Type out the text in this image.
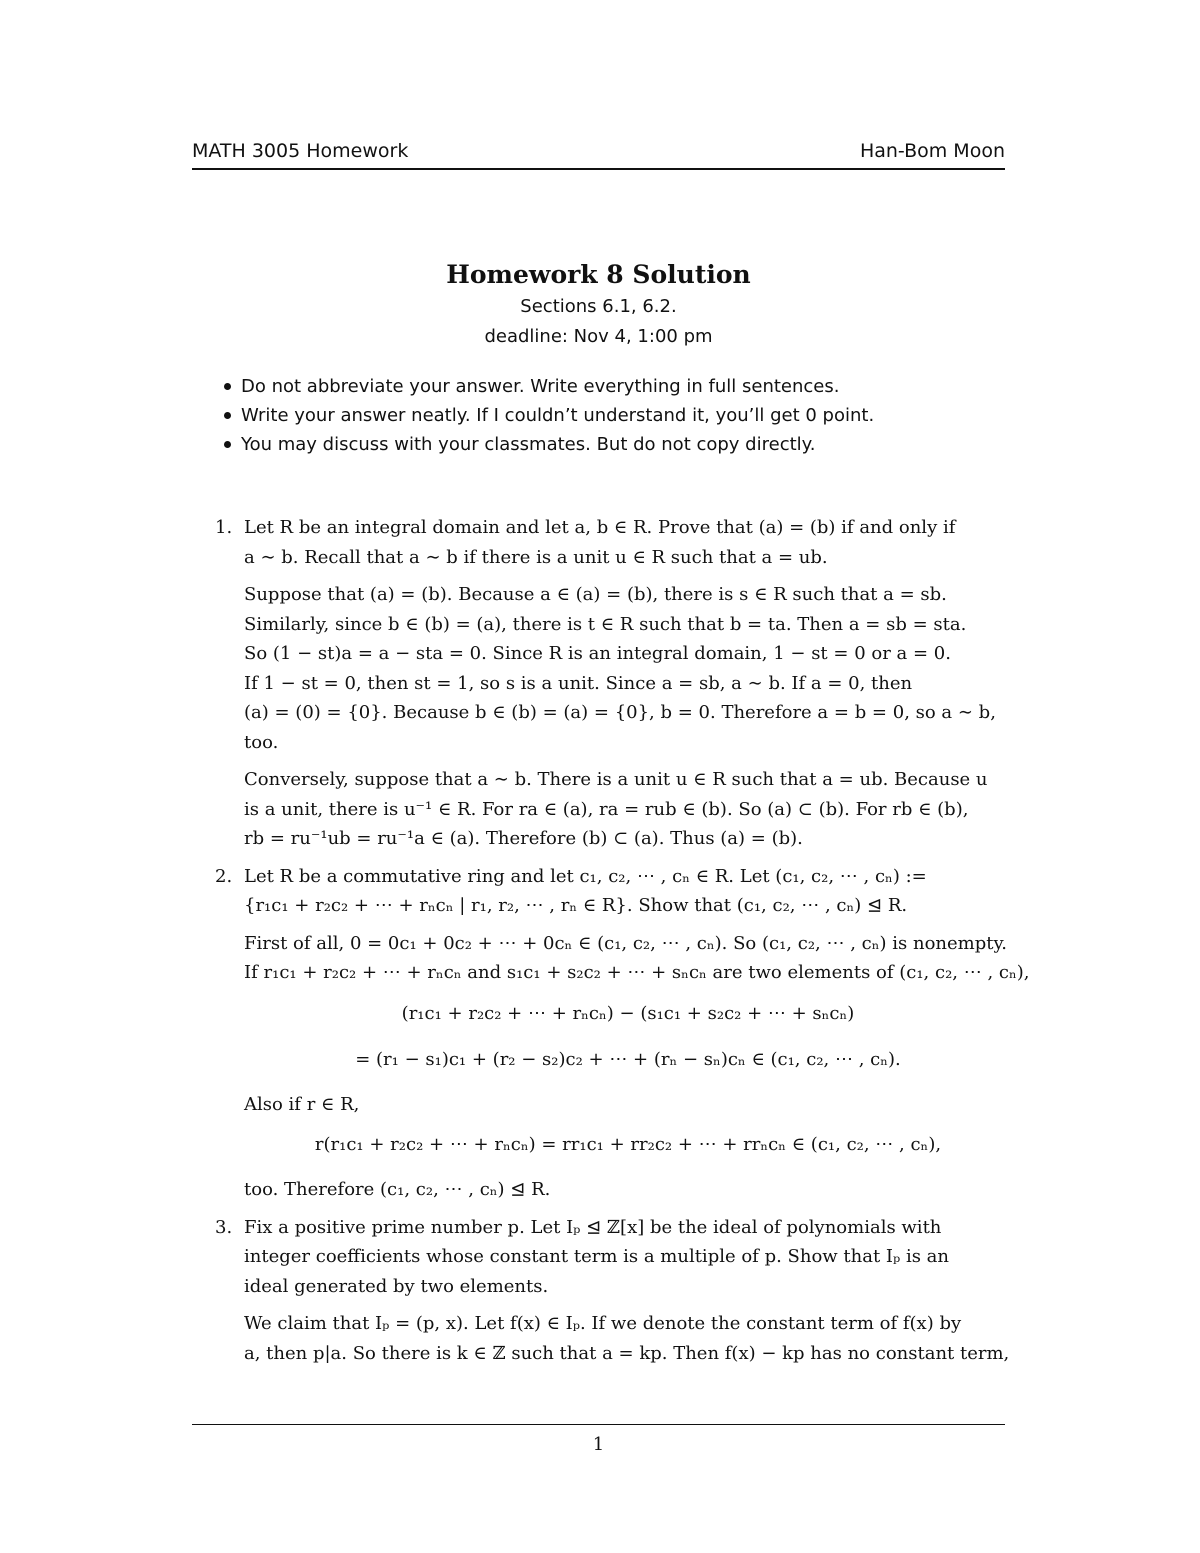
MATH 3005 Homework	Han-Bom Moon
Homework 8 Solution
Sections 6.1, 6.2.
deadline: Nov 4, 1:00 pm
Do not abbreviate your answer. Write everything in full sentences.
Write your answer neatly. If I couldn’t understand it, you’ll get 0 point.
You may discuss with your classmates. But do not copy directly.
1. Let R be an integral domain and let a, b ∈ R. Prove that (a) = (b) if and only if
a ∼ b. Recall that a ∼ b if there is a unit u ∈ R such that a = ub.
Suppose that (a) = (b). Because a ∈ (a) = (b), there is s ∈ R such that a = sb.
Similarly, since b ∈ (b) = (a), there is t ∈ R such that b = ta. Then a = sb = sta.
So (1 − st)a = a − sta = 0. Since R is an integral domain, 1 − st = 0 or a = 0.
If 1 − st = 0, then st = 1, so s is a unit. Since a = sb, a ∼ b. If a = 0, then
(a) = (0) = {0}. Because b ∈ (b) = (a) = {0}, b = 0. Therefore a = b = 0, so a ∼ b,
too.
Conversely, suppose that a ∼ b. There is a unit u ∈ R such that a = ub. Because u
is a unit, there is u⁻¹ ∈ R. For ra ∈ (a), ra = rub ∈ (b). So (a) ⊂ (b). For rb ∈ (b),
rb = ru⁻¹ub = ru⁻¹a ∈ (a). Therefore (b) ⊂ (a). Thus (a) = (b).
2. Let R be a commutative ring and let c₁, c₂, ⋯ , cₙ ∈ R. Let (c₁, c₂, ⋯ , cₙ) :=
{r₁c₁ + r₂c₂ + ⋯ + rₙcₙ | r₁, r₂, ⋯ , rₙ ∈ R}. Show that (c₁, c₂, ⋯ , cₙ) ⊴ R.
First of all, 0 = 0c₁ + 0c₂ + ⋯ + 0cₙ ∈ (c₁, c₂, ⋯ , cₙ). So (c₁, c₂, ⋯ , cₙ) is nonempty.
If r₁c₁ + r₂c₂ + ⋯ + rₙcₙ and s₁c₁ + s₂c₂ + ⋯ + sₙcₙ are two elements of (c₁, c₂, ⋯ , cₙ),
(r₁c₁ + r₂c₂ + ⋯ + rₙcₙ) − (s₁c₁ + s₂c₂ + ⋯ + sₙcₙ)
= (r₁ − s₁)c₁ + (r₂ − s₂)c₂ + ⋯ + (rₙ − sₙ)cₙ ∈ (c₁, c₂, ⋯ , cₙ).
Also if r ∈ R,
r(r₁c₁ + r₂c₂ + ⋯ + rₙcₙ) = rr₁c₁ + rr₂c₂ + ⋯ + rrₙcₙ ∈ (c₁, c₂, ⋯ , cₙ),
too. Therefore (c₁, c₂, ⋯ , cₙ) ⊴ R.
3. Fix a positive prime number p. Let Iₚ ⊴ ℤ[x] be the ideal of polynomials with
integer coefficients whose constant term is a multiple of p. Show that Iₚ is an
ideal generated by two elements.
We claim that Iₚ = (p, x). Let f(x) ∈ Iₚ. If we denote the constant term of f(x) by
a, then p|a. So there is k ∈ ℤ such that a = kp. Then f(x) − kp has no constant term,
1
